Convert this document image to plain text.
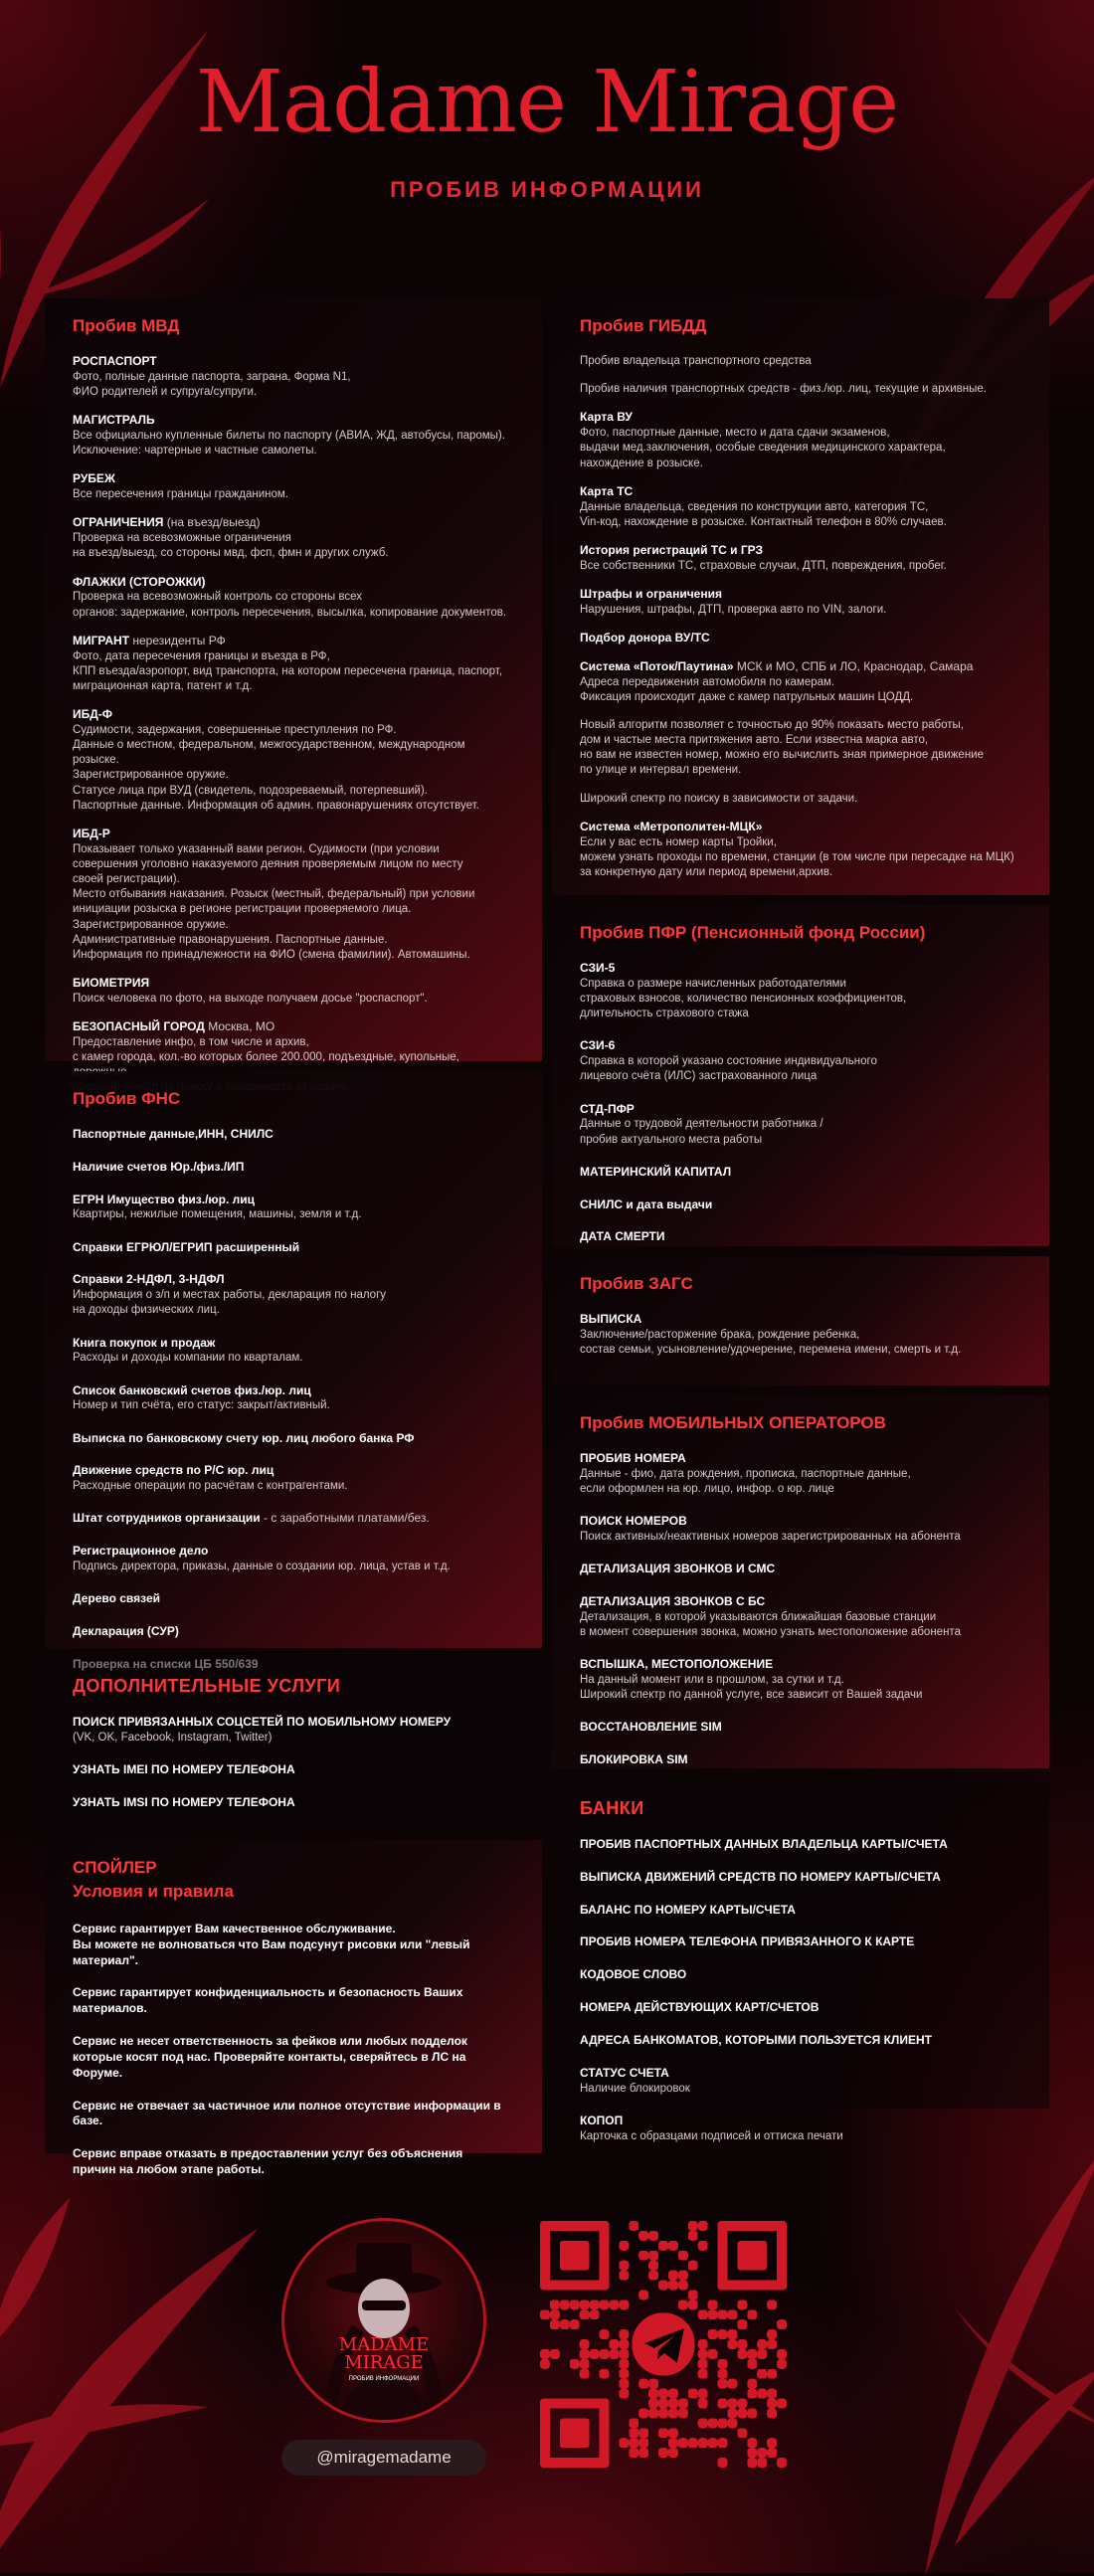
Madame Mirage
ПРОБИВ ИНФОРМАЦИИ
Пробив МВД
РОСПАСПОРТ
Фото, полные данные паспорта, загранa, Форма N1,
ФИО родителей и супруга/супруги.
МАГИСТРАЛЬ
Все официально купленные билеты по паспорту (АВИА, ЖД, автобусы, паромы).
Исключение: чартерные и частные самолеты.
РУБЕЖ
Все пересечения границы гражданином.
ОГРАНИЧЕНИЯ (на въезд/выезд)
Проверка на всевозможные ограничения
на въезд/выезд, со стороны мвд, фсп, фмн и других служб.
ФЛАЖКИ (СТОРОЖКИ)
Проверка на всевозможный контроль со стороны всех
органов: задержание, контроль пересечения, высылка, копирование документов.
МИГРАНТ нерезиденты РФ
Фото, дата пересечения границы и въезда в РФ,
КПП въезда/аэропорт, вид транспорта, на котором пересечена граница, паспорт,
миграционная карта, патент и т.д.
ИБД-Ф
Судимости, задержания, совершенные преступления по РФ.
Данные о местном, федеральном, межгосударственном, международном розыске.
Зарегистрированное оружие.
Статусе лица при ВУД (свидетель, подозреваемый, потерпевший).
Паспортные данные. Информация об админ. правонарушениях отсутствует.
ИБД-Р
Показывает только указанный вами регион. Судимости (при условии
совершения уголовно наказуемого деяния проверяемым лицом по месту
своей регистрации).
Место отбывания наказания. Розыск (местный, федеральный) при условии
инициации розыска в регионе регистрации проверяемого лица.
Зарегистрированное оружие.
Административные правонарушения. Паспортные данные.
Информация по принадлежности на ФИО (смена фамилии). Автомашины.
БИОМЕТРИЯ
Поиск человека по фото, на выходе получаем досье "роспаспорт".
БЕЗОПАСНЫЙ ГОРОД Москва, МО
Предоставление инфо, в том числе и архив,
с камер города, кол.-во которых более 200.000, подъездные, купольные,

Пробив ФНС
Паспортные данные,ИНН, СНИЛС
Наличие счетов Юр./физ./ИП
ЕГРН Имущество физ./юр. лиц
Квартиры, нежилые помещения, машины, земля и т.д.
Справки ЕГРЮЛ/ЕГРИП расширенный
Справки 2-НДФЛ, 3-НДФЛ
Информация о з/п и местах работы, декларация по налогу
на доходы физических лиц.
Книга покупок и продаж
Расходы и доходы компании по кварталам.
Список банковский счетов физ./юр. лиц
Номер и тип счёта, его статус: закрыт/активный.
Выписка по банковскому счету юр. лиц любого банка РФ
Движение средств по Р/С юр. лиц
Расходные операции по расчётам с контрагентами.
Штат сотрудников организации - с заработными платами/без.
Регистрационное дело
Подпись директора, приказы, данные о создании юр. лица, устав и т.д.
Дерево связей
Декларация (СУР)
ДОПОЛНИТЕЛЬНЫЕ УСЛУГИ
ПОИСК ПРИВЯЗАННЫХ СОЦСЕТЕЙ ПО МОБИЛЬНОМУ НОМЕРУ
(VK, OK, Facebook, Instagram, Twitter)
УЗНАТЬ IMEI ПО НОМЕРУ ТЕЛЕФОНА
УЗНАТЬ IMSI ПО НОМЕРУ ТЕЛЕФОНА
СПОЙЛЕР
Условия и правила
Сервис гарантирует Вам качественное обслуживание.
Вы можете не волноваться что Вам подсунут рисовки или "левый материал".
Сервис гарантирует конфиденциальность и безопасность Ваших материалов.
Сервис не несет ответственность за фейков или любых подделок
которые косят под нас. Проверяйте контакты, сверяйтесь в ЛС на Форуме.
Сервис не отвечает за частичное или полное отсутствие информации в базе.
Сервис вправе отказать в предоставлении услуг без объяснения
причин на любом этапе работы.
Пробив ГИБДД
Пробив владельца транспортного средства
Пробив наличия транспортных средств - физ./юр. лиц, текущие и архивные.
Карта ВУ
Фото, паспортные данные, место и дата сдачи экзаменов,
выдачи мед.заключения, особые сведения медицинского характера,
нахождение в розыске.
Карта ТС
Данные владельца, сведения по конструкции авто, категория ТС,
Vin-код, нахождение в розыске. Контактный телефон в 80% случаев.
История регистраций ТС и ГРЗ
Все собственники ТС, страховые случаи, ДТП, повреждения, пробег.
Штрафы и ограничения
Нарушения, штрафы, ДТП, проверка авто по VIN, залоги.
Подбор донора ВУ/ТС
Система «Поток/Паутина» МСК и МО, СПБ и ЛО, Краснодар, Самара
Адреса передвижения автомобиля по камерам.
Фиксация происходит даже с камер патрульных машин ЦОДД.
Новый алгоритм позволяет с точностью до 90% показать место работы,
дом и частые места притяжения авто. Если известна марка авто,
но вам не известен номер, можно его вычислить зная примерное движение
по улице и интервал времени.
Широкий спектр по поиску в зависимости от задачи.
Система «Метрополитен-МЦК»
Если у вас есть номер карты Тройки,
можем узнать проходы по времени, станции (в том числе при пересадке на МЦК)
за конкретную дату или период времени,архив.
Пробив ПФР (Пенсионный фонд России)
СЗИ-5
Справка о размере начисленных работодателями
страховых взносов, количество пенсионных коэффициентов,
длительность страхового стажа
СЗИ-6
Справка в которой указано состояние индивидуального
лицевого счёта (ИЛС) застрахованного лица
СТД-ПФР
Данные о трудовой деятельности работника /
пробив актуального места работы
МАТЕРИНСКИЙ КАПИТАЛ
СНИЛС и дата выдачи
ДАТА СМЕРТИ
Пробив ЗАГС
ВЫПИСКА
Заключение/расторжение брака, рождение ребенка,
состав семьи, усыновление/удочерение, перемена имени, смерть и т.д.
Пробив МОБИЛЬНЫХ ОПЕРАТОРОВ
ПРОБИВ НОМЕРА
Данные - фио, дата рождения, прописка, паспортные данные,
если оформлен на юр. лицо, инфор. о юр. лице
ПОИСК НОМЕРОВ
Поиск активных/неактивных номеров зарегистрированных на абонента
ДЕТАЛИЗАЦИЯ ЗВОНКОВ И СМС
ДЕТАЛИЗАЦИЯ ЗВОНКОВ С БС
Детализация, в которой указываются ближайшая базовые станции
в момент совершения звонка, можно узнать местоположение абонента
ВСПЫШКА, МЕСТОПОЛОЖЕНИЕ
На данный момент или в прошлом, за сутки и т.д.
Широкий спектр по данной услуге, все зависит от Вашей задачи
ВОССТАНОВЛЕНИЕ SIM
БЛОКИРОВКА SIM
БАНКИ
ПРОБИВ ПАСПОРТНЫХ ДАННЫХ ВЛАДЕЛЬЦА КАРТЫ/СЧЕТА
ВЫПИСКА ДВИЖЕНИЙ СРЕДСТВ ПО НОМЕРУ КАРТЫ/СЧЕТА
БАЛАНС ПО НОМЕРУ КАРТЫ/СЧЕТА
ПРОБИВ НОМЕРА ТЕЛЕФОНА ПРИВЯЗАННОГО К КАРТЕ
КОДОВОЕ СЛОВО
НОМЕРА ДЕЙСТВУЮЩИХ КАРТ/СЧЕТОВ
АДРЕСА БАНКОМАТОВ, КОТОРЫМИ ПОЛЬЗУЕТСЯ КЛИЕНТ
СТАТУС СЧЕТА
Наличие блокировок
КОПОП
Карточка с образцами подписей и оттиска печати
MADAME
MIRAGE
ПРОБИВ ИНФОРМАЦИИ
@miragemadame
